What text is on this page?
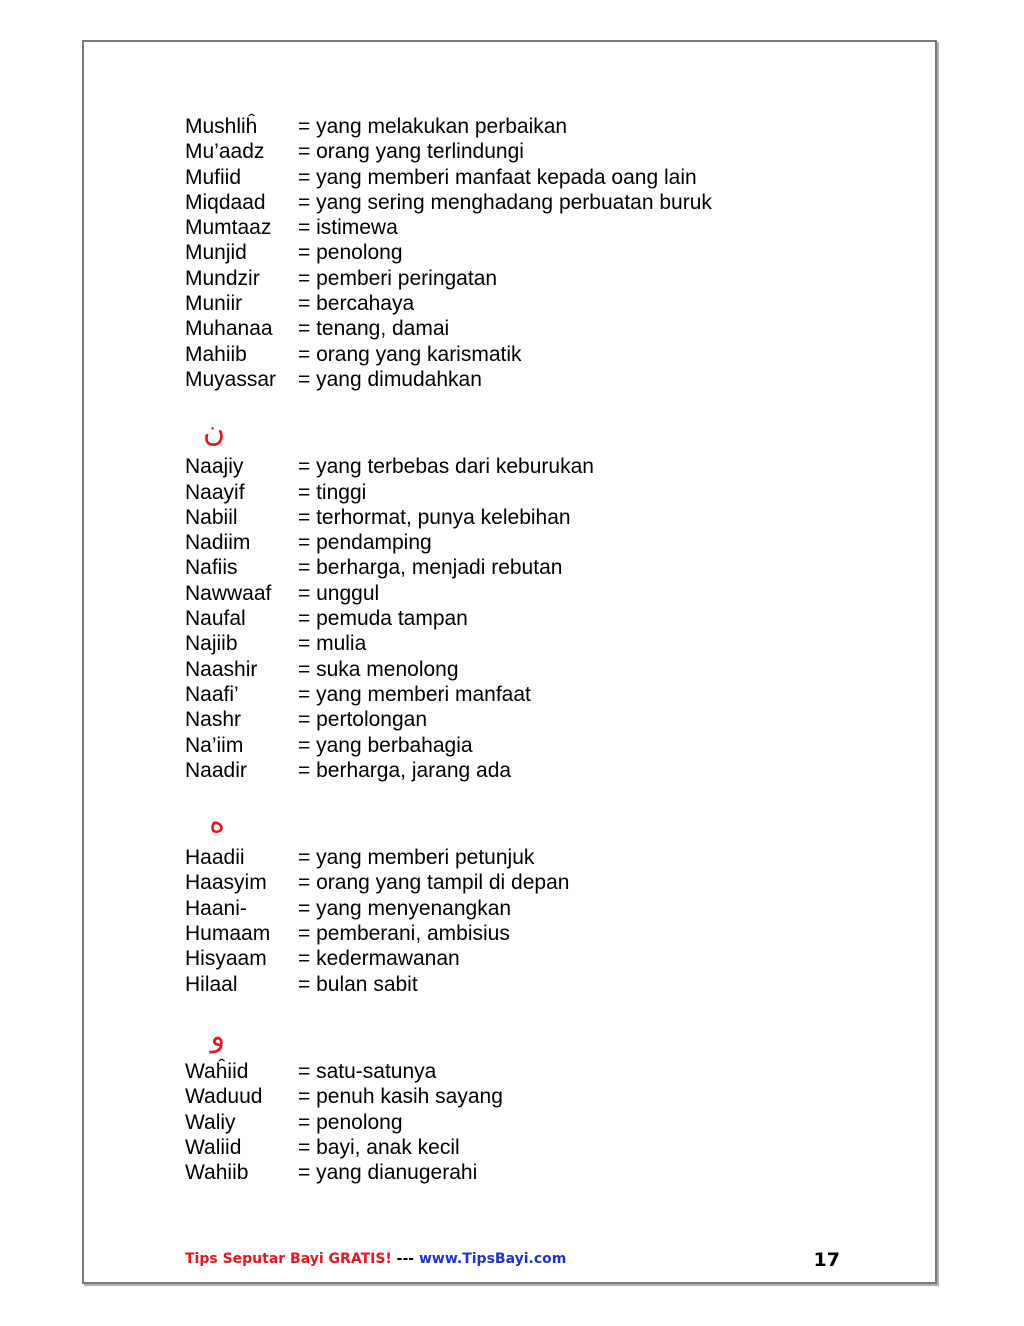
Mushliĥ	= yang melakukan perbaikan
Mu’aadz	= orang yang terlindungi
Mufiid	= yang memberi manfaat kepada oang lain
Miqdaad	= yang sering menghadang perbuatan buruk
Mumtaaz	= istimewa
Munjid	= penolong
Mundzir	= pemberi peringatan
Muniir	= bercahaya
Muhanaa	= tenang, damai
Mahiib	= orang yang karismatik
Muyassar	= yang dimudahkan
ن
Naajiy	= yang terbebas dari keburukan
Naayif	= tinggi
Nabiil	= terhormat, punya kelebihan
Nadiim	= pendamping
Nafiis	= berharga, menjadi rebutan
Nawwaaf	= unggul
Naufal	= pemuda tampan
Najiib	= mulia
Naashir	= suka menolong
Naafi’	= yang memberi manfaat
Nashr	= pertolongan
Na’iim	= yang berbahagia
Naadir	= berharga, jarang ada
ه
Haadii	= yang memberi petunjuk
Haasyim	= orang yang tampil di depan
Haani-	= yang menyenangkan
Humaam	= pemberani, ambisius
Hisyaam	= kedermawanan
Hilaal	= bulan sabit
و
Waĥiid	= satu-satunya
Waduud	= penuh kasih sayang
Waliy	= penolong
Waliid	= bayi, anak kecil
Wahiib	= yang dianugerahi
Tips Seputar Bayi GRATIS! --- www.TipsBayi.com	17
